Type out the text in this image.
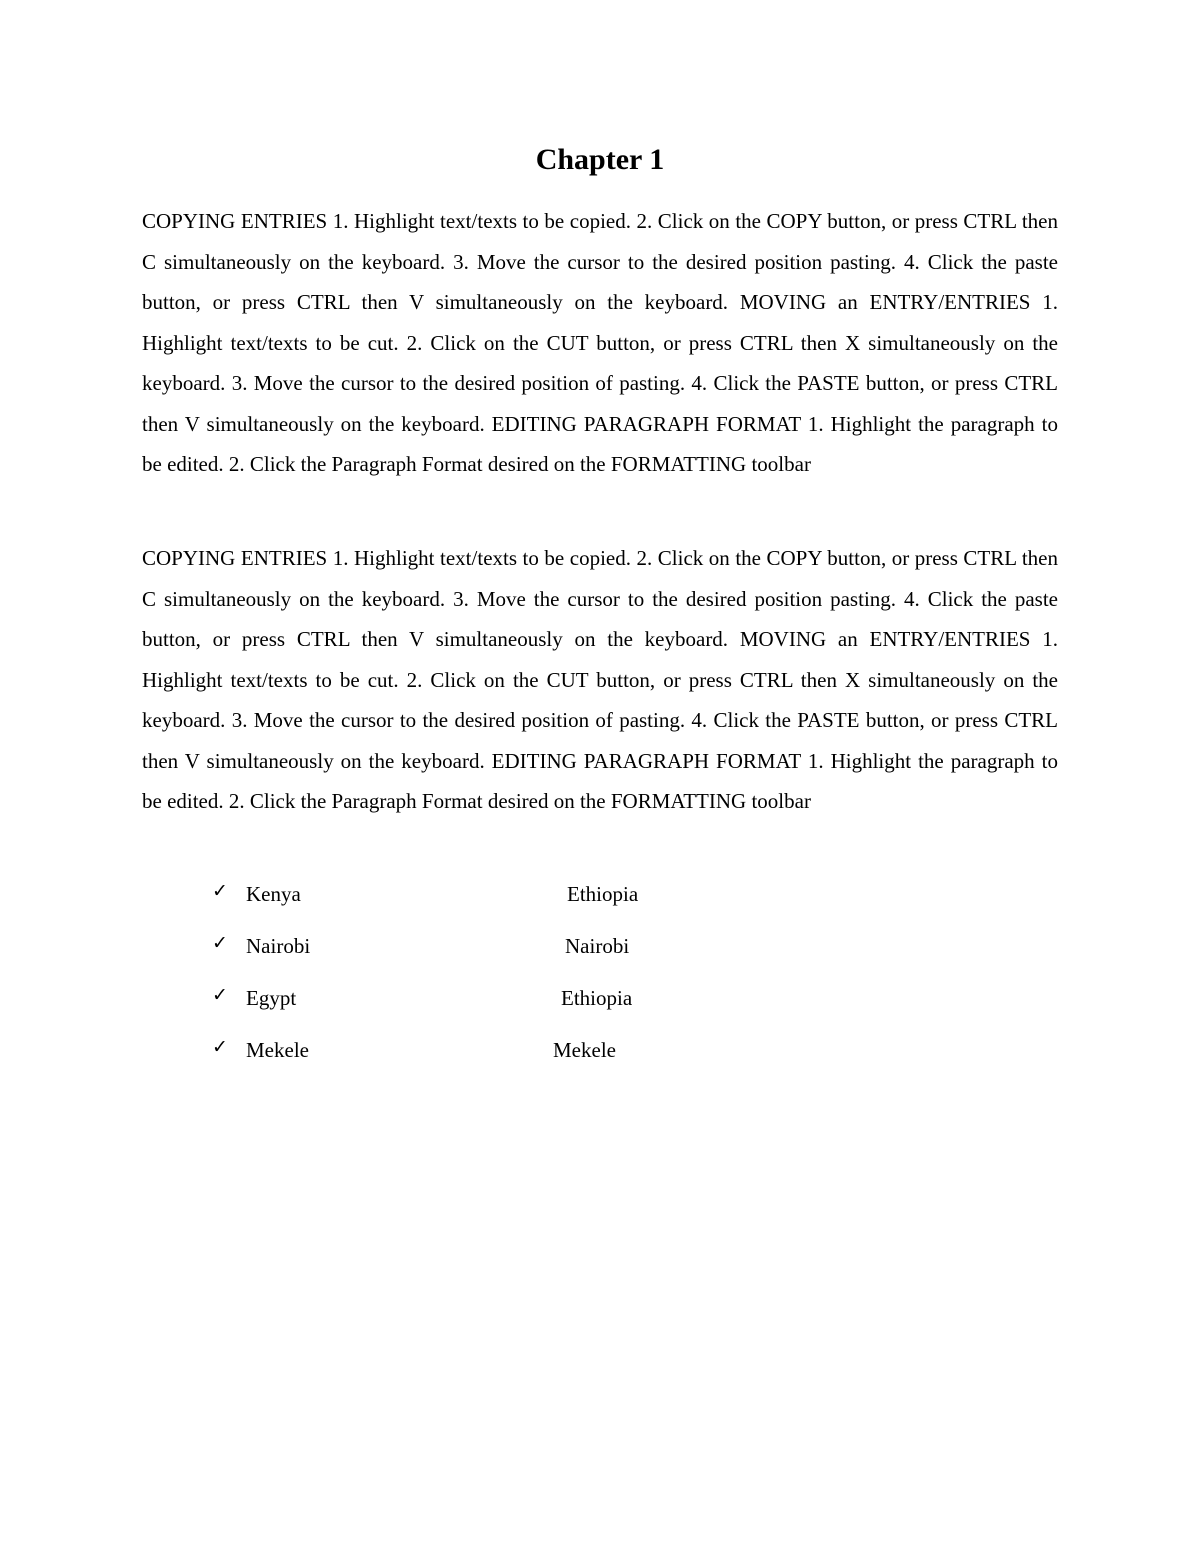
Chapter 1

COPYING ENTRIES 1. Highlight text/texts to be copied. 2. Click on the COPY button, or press CTRL then C simultaneously on the keyboard. 3. Move the cursor to the desired position pasting. 4. Click the paste button, or press CTRL then V simultaneously on the keyboard. MOVING an ENTRY/ENTRIES 1. Highlight text/texts to be cut. 2. Click on the CUT button, or press CTRL then X simultaneously on the keyboard. 3. Move the cursor to the desired position of pasting. 4. Click the PASTE button, or press CTRL then V simultaneously on the keyboard. EDITING PARAGRAPH FORMAT 1. Highlight the paragraph to be edited. 2. Click the Paragraph Format desired on the FORMATTING toolbar

COPYING ENTRIES 1. Highlight text/texts to be copied. 2. Click on the COPY button, or press CTRL then C simultaneously on the keyboard. 3. Move the cursor to the desired position pasting. 4. Click the paste button, or press CTRL then V simultaneously on the keyboard. MOVING an ENTRY/ENTRIES 1. Highlight text/texts to be cut. 2. Click on the CUT button, or press CTRL then X simultaneously on the keyboard. 3. Move the cursor to the desired position of pasting. 4. Click the PASTE button, or press CTRL then V simultaneously on the keyboard. EDITING PARAGRAPH FORMAT 1. Highlight the paragraph to be edited. 2. Click the Paragraph Format desired on the FORMATTING toolbar

✓ Kenya	Ethiopia
✓ Nairobi	Nairobi
✓ Egypt	Ethiopia
✓ Mekele	Mekele
